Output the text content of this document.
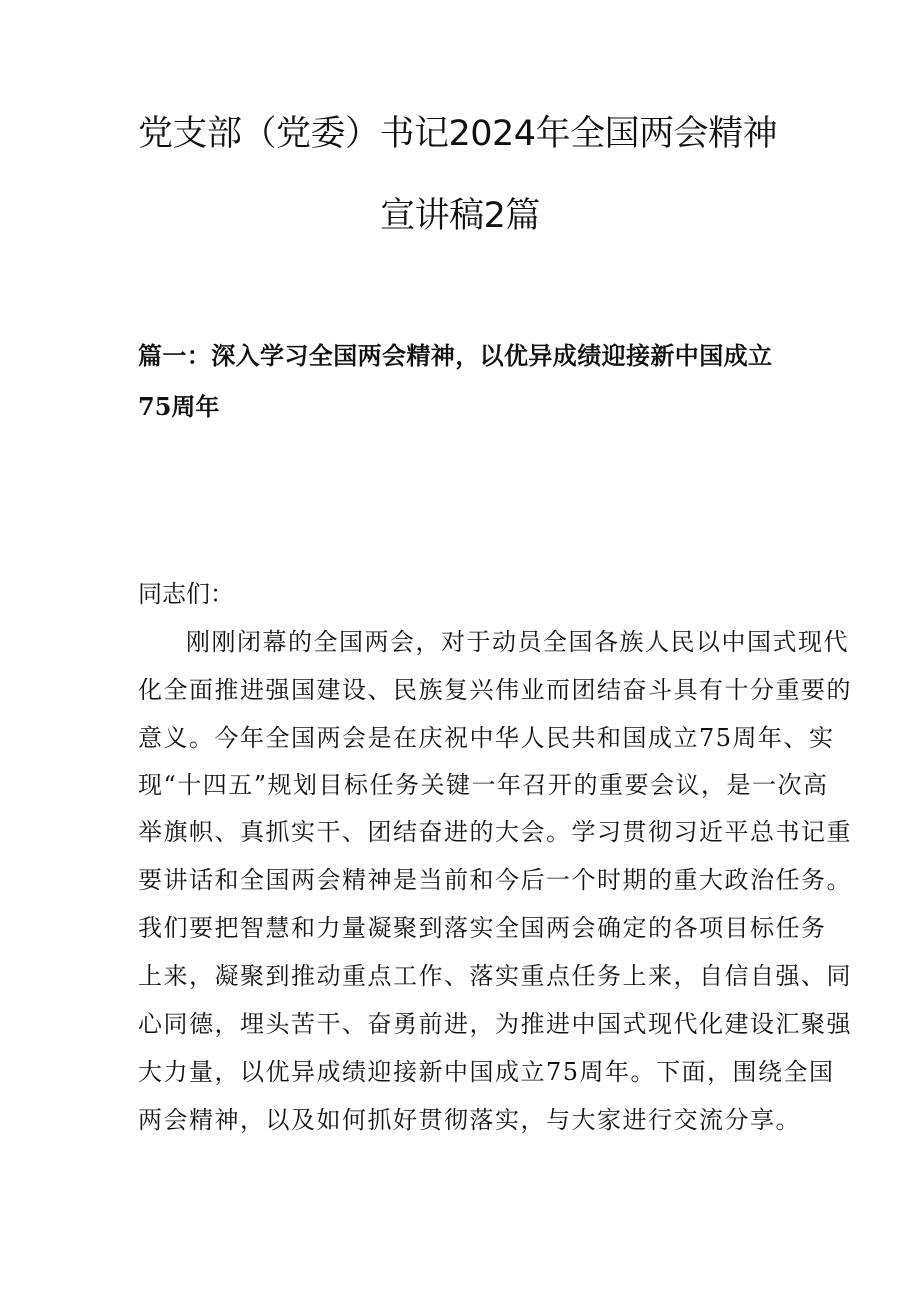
党支部（党委）书记2024年全国两会精神
宣讲稿2篇
篇一：深入学习全国两会精神，以优异成绩迎接新中国成立
75周年
同志们：
刚刚闭幕的全国两会，对于动员全国各族人民以中国式现代
化全面推进强国建设、民族复兴伟业而团结奋斗具有十分重要的
意义。今年全国两会是在庆祝中华人民共和国成立75周年、实
现“十四五”规划目标任务关键一年召开的重要会议，是一次高
举旗帜、真抓实干、团结奋进的大会。学习贯彻习近平总书记重
要讲话和全国两会精神是当前和今后一个时期的重大政治任务。
我们要把智慧和力量凝聚到落实全国两会确定的各项目标任务
上来，凝聚到推动重点工作、落实重点任务上来，自信自强、同
心同德，埋头苦干、奋勇前进，为推进中国式现代化建设汇聚强
大力量，以优异成绩迎接新中国成立75周年。下面，围绕全国
两会精神，以及如何抓好贯彻落实，与大家进行交流分享。
